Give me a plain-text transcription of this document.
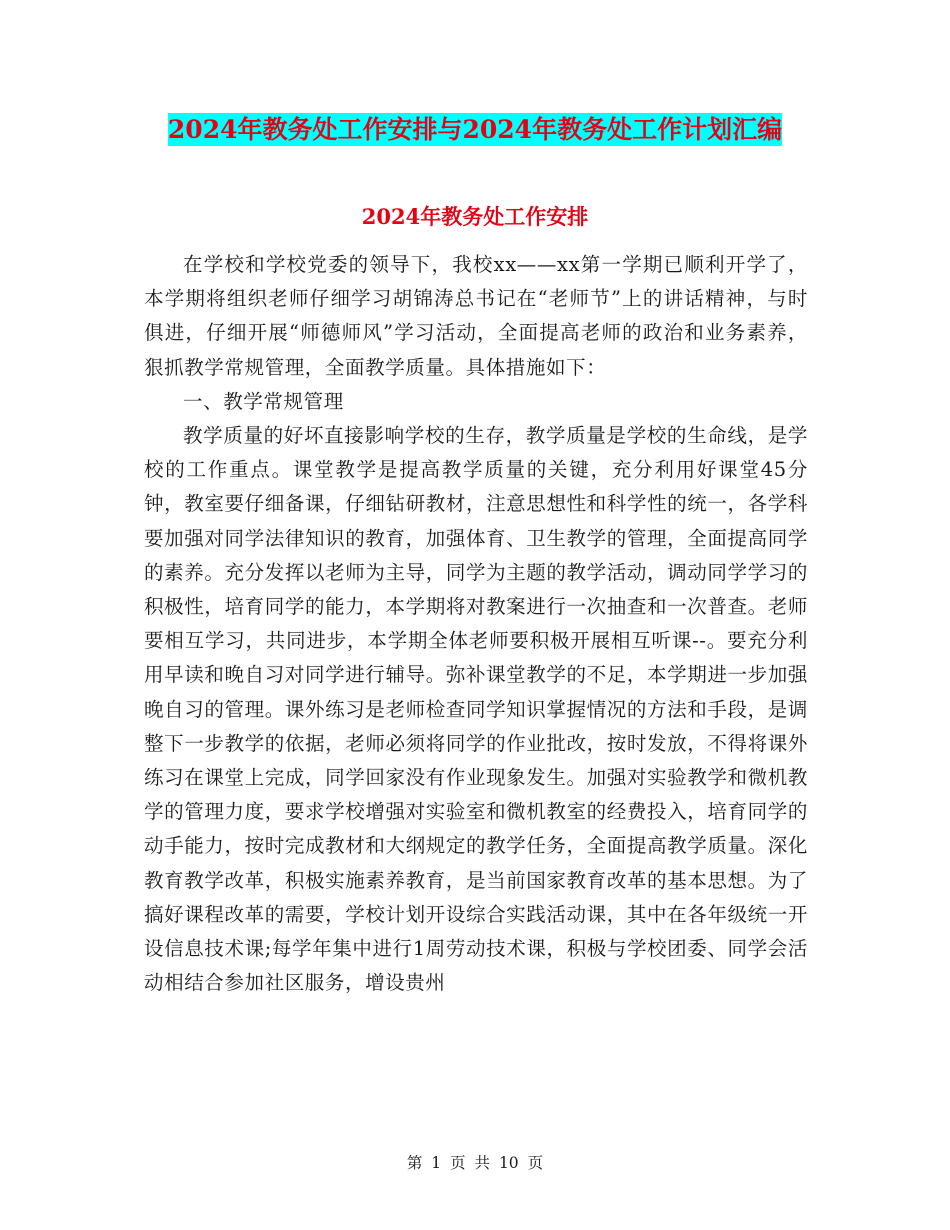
2024年教务处工作安排与2024年教务处工作计划汇编
2024年教务处工作安排

在学校和学校党委的领导下，我校xx——xx第一学期已顺利开学了，本学期将组织老师仔细学习胡锦涛总书记在“老师节”上的讲话精神，与时俱进，仔细开展“师德师风”学习活动，全面提高老师的政治和业务素养，狠抓教学常规管理，全面教学质量。具体措施如下：

一、教学常规管理

教学质量的好坏直接影响学校的生存，教学质量是学校的生命线，是学校的工作重点。课堂教学是提高教学质量的关键，充分利用好课堂45分钟，教室要仔细备课，仔细钻研教材，注意思想性和科学性的统一，各学科要加强对同学法律知识的教育，加强体育、卫生教学的管理，全面提高同学的素养。充分发挥以老师为主导，同学为主题的教学活动，调动同学学习的积极性，培育同学的能力，本学期将对教案进行一次抽查和一次普查。老师要相互学习，共同进步，本学期全体老师要积极开展相互听课--。要充分利用早读和晚自习对同学进行辅导。弥补课堂教学的不足，本学期进一步加强晚自习的管理。课外练习是老师检查同学知识掌握情况的方法和手段，是调整下一步教学的依据，老师必须将同学的作业批改，按时发放，不得将课外练习在课堂上完成，同学回家没有作业现象发生。加强对实验教学和微机教学的管理力度，要求学校增强对实验室和微机教室的经费投入，培育同学的动手能力，按时完成教材和大纲规定的教学任务，全面提高教学质量。深化教育教学改革，积极实施素养教育，是当前国家教育改革的基本思想。为了搞好课程改革的需要，学校计划开设综合实践活动课，其中在各年级统一开设信息技术课;每学年集中进行1周劳动技术课，积极与学校团委、同学会活动相结合参加社区服务，增设贵州

第 1 页 共 10 页
